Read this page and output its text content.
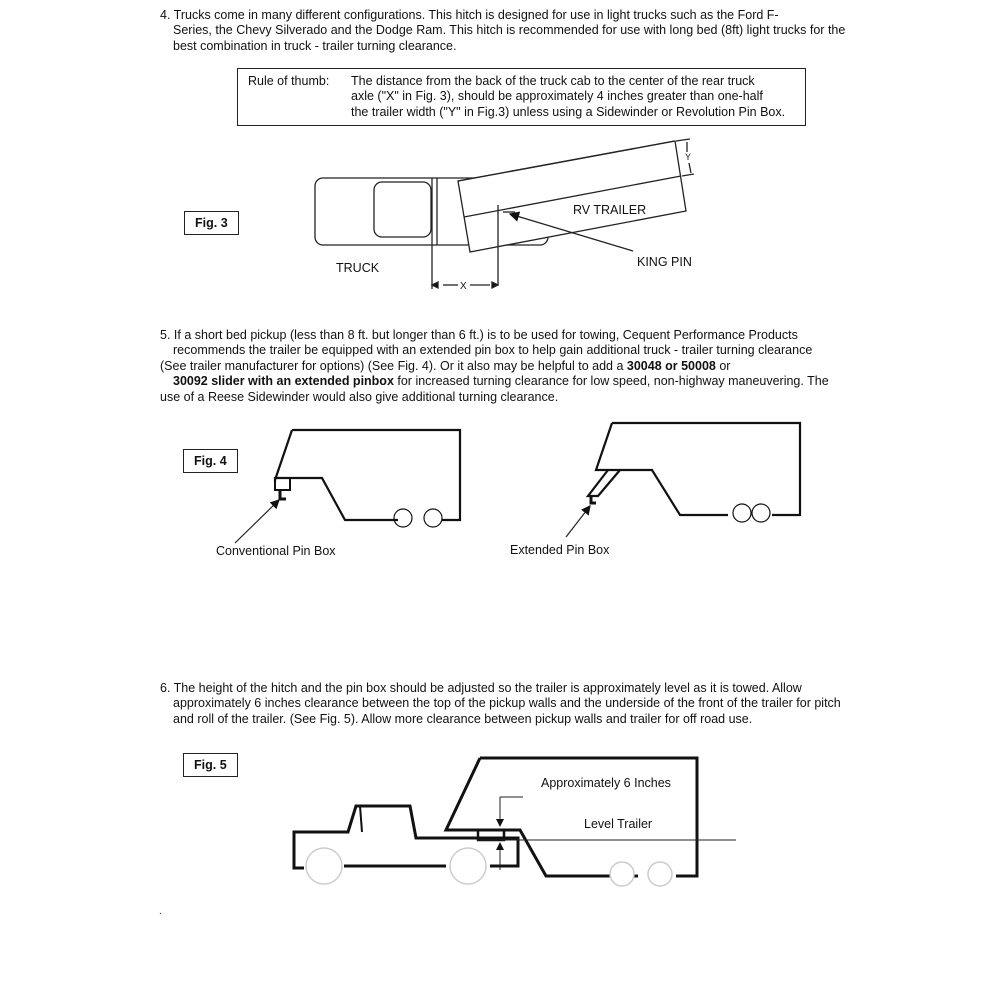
4. Trucks come in many different configurations. This hitch is designed for use in light trucks such as the Ford F-
Series, the Chevy Silverado and the Dodge Ram. This hitch is recommended for use with long bed (8ft) light trucks for the
best combination in truck - trailer turning clearance.
Rule of thumb: The distance from the back of the truck cab to the center of the rear truck
axle ("X" in Fig. 3), should be approximately 4 inches greater than one-half
the trailer width ("Y" in Fig.3) unless using a Sidewinder or Revolution Pin Box.
Fig. 3
Fig. 4
Fig. 5
5. If a short bed pickup (less than 8 ft. but longer than 6 ft.) is to be used for towing, Cequent Performance Products
recommends the trailer be equipped with an extended pin box to help gain additional truck - trailer turning clearance
(See trailer manufacturer for options) (See Fig. 4). Or it also may be helpful to add a 30048 or 50008 or
30092 slider with an extended pinbox for increased turning clearance for low speed, non-highway maneuvering. The
use of a Reese Sidewinder would also give additional turning clearance.
6. The height of the hitch and the pin box should be adjusted so the trailer is approximately level as it is towed. Allow
approximately 6 inches clearance between the top of the pickup walls and the underside of the front of the trailer for pitch
and roll of the trailer. (See Fig. 5). Allow more clearance between pickup walls and trailer for off road use.
RV TRAILER
TRUCK	KING PIN
X
Y
Conventional Pin Box	Extended Pin Box
Approximately 6 Inches
Level Trailer
.
